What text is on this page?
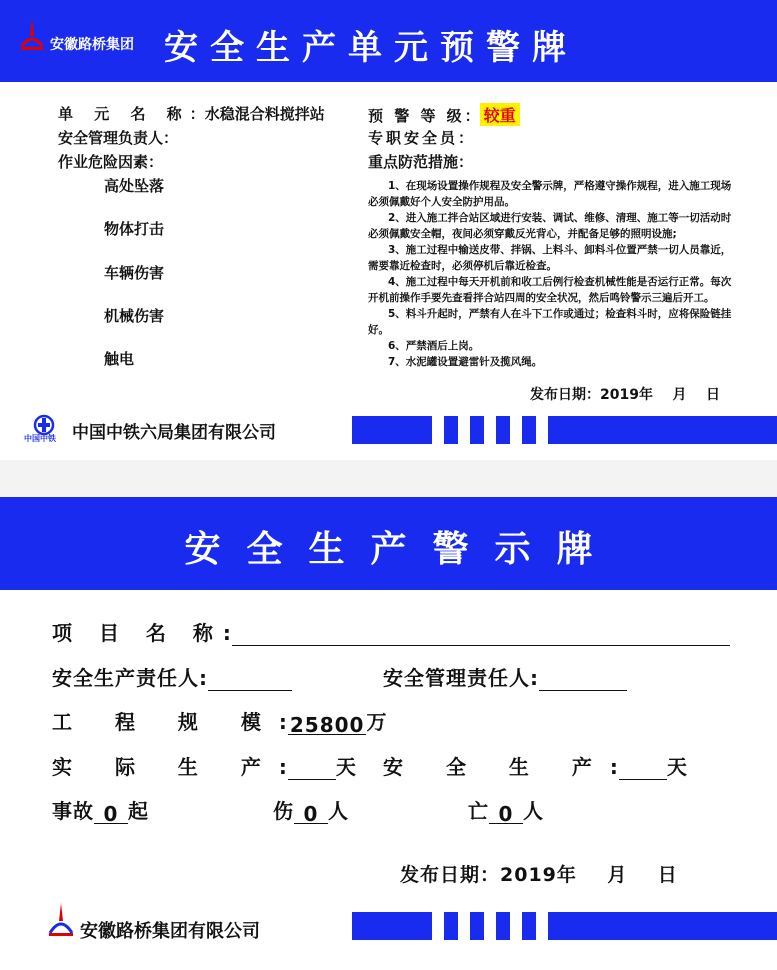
安徽路桥集团 安全生产单元预警牌
单 元 名 称：水稳混合料搅拌站
安全管理负责人：
作业危险因素：
预 警 等 级： 较重
专职安全员：
重点防范措施：
高处坠落
物体打击
车辆伤害
机械伤害
触电

1、在现场设置操作规程及安全警示牌，严格遵守操作规程，进入施工现场必须佩戴好个人安全防护用品。

2、进入施工拌合站区域进行安装、调试、维修、清理、施工等一切活动时必须佩戴安全帽，夜间必须穿戴反光背心，并配备足够的照明设施;

3、施工过程中输送皮带、拌锅、上料斗、卸料斗位置严禁一切人员靠近，需要靠近检查时，必须停机后靠近检查。

4、施工过程中每天开机前和收工后例行检查机械性能是否运行正常。每次开机前操作手要先查看拌合站四周的安全状况，然后鸣铃警示三遍后开工。

5、料斗升起时，严禁有人在斗下工作或通过；检查料斗时，应将保险链挂好。

6、严禁酒后上岗。

7、水泥罐设置避雷针及揽风绳。

发布日期：2019年    月    日
中国中铁 中国中铁六局集团有限公司
安全生产警示牌
项 目 名 称:
安全生产责任人:	安全管理责任人:
工 程 规 模: 25800 万
实 际 生 产: 天 安 全 生 产: 天
事故 0 起	伤 0 人	亡 0 人
发布日期：2019年    月    日
安徽路桥集团有限公司
